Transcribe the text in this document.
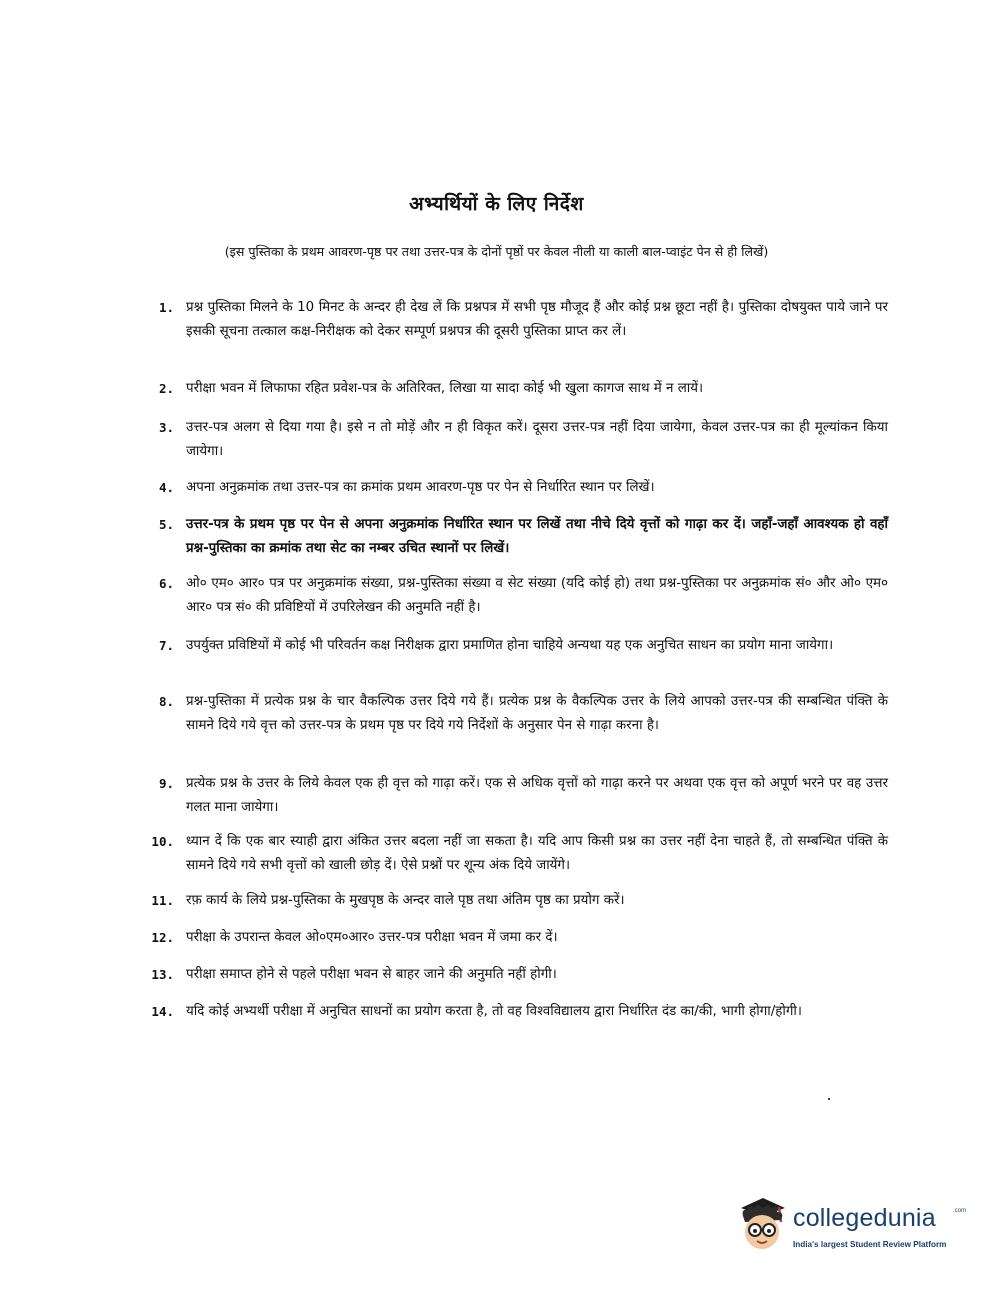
अभ्यर्थियों के लिए निर्देश
(इस पुस्तिका के प्रथम आवरण-पृष्ठ पर तथा उत्तर-पत्र के दोनों पृष्ठों पर केवल नीली या काली बाल-प्वाइंट पेन से ही लिखें)
1. प्रश्न पुस्तिका मिलने के 10 मिनट के अन्दर ही देख लें कि प्रश्नपत्र में सभी पृष्ठ मौजूद हैं और कोई प्रश्न छूटा नहीं है। पुस्तिका दोषयुक्त पाये जाने पर इसकी सूचना तत्काल कक्ष-निरीक्षक को देकर सम्पूर्ण प्रश्नपत्र की दूसरी पुस्तिका प्राप्त कर लें।
2. परीक्षा भवन में लिफाफा रहित प्रवेश-पत्र के अतिरिक्त, लिखा या सादा कोई भी खुला कागज साथ में न लायें।
3. उत्तर-पत्र अलग से दिया गया है। इसे न तो मोड़ें और न ही विकृत करें। दूसरा उत्तर-पत्र नहीं दिया जायेगा, केवल उत्तर-पत्र का ही मूल्यांकन किया जायेगा।
4. अपना अनुक्रमांक तथा उत्तर-पत्र का क्रमांक प्रथम आवरण-पृष्ठ पर पेन से निर्धारित स्थान पर लिखें।
5. उत्तर-पत्र के प्रथम पृष्ठ पर पेन से अपना अनुक्रमांक निर्धारित स्थान पर लिखें तथा नीचे दिये वृत्तों को गाढ़ा कर दें। जहाँ-जहाँ आवश्यक हो वहाँ प्रश्न-पुस्तिका का क्रमांक तथा सेट का नम्बर उचित स्थानों पर लिखें।
6. ओ० एम० आर० पत्र पर अनुक्रमांक संख्या, प्रश्न-पुस्तिका संख्या व सेट संख्या (यदि कोई हो) तथा प्रश्न-पुस्तिका पर अनुक्रमांक सं० और ओ० एम० आर० पत्र सं० की प्रविष्टियों में उपरिलेखन की अनुमति नहीं है।
7. उपर्युक्त प्रविष्टियों में कोई भी परिवर्तन कक्ष निरीक्षक द्वारा प्रमाणित होना चाहिये अन्यथा यह एक अनुचित साधन का प्रयोग माना जायेगा।
8. प्रश्न-पुस्तिका में प्रत्येक प्रश्न के चार वैकल्पिक उत्तर दिये गये हैं। प्रत्येक प्रश्न के वैकल्पिक उत्तर के लिये आपको उत्तर-पत्र की सम्बन्धित पंक्ति के सामने दिये गये वृत्त को उत्तर-पत्र के प्रथम पृष्ठ पर दिये गये निर्देशों के अनुसार पेन से गाढ़ा करना है।
9. प्रत्येक प्रश्न के उत्तर के लिये केवल एक ही वृत्त को गाढ़ा करें। एक से अधिक वृत्तों को गाढ़ा करने पर अथवा एक वृत्त को अपूर्ण भरने पर वह उत्तर गलत माना जायेगा।
10. ध्यान दें कि एक बार स्याही द्वारा अंकित उत्तर बदला नहीं जा सकता है। यदि आप किसी प्रश्न का उत्तर नहीं देना चाहते हैं, तो सम्बन्धित पंक्ति के सामने दिये गये सभी वृत्तों को खाली छोड़ दें। ऐसे प्रश्नों पर शून्य अंक दिये जायेंगे।
11. रफ़ कार्य के लिये प्रश्न-पुस्तिका के मुखपृष्ठ के अन्दर वाले पृष्ठ तथा अंतिम पृष्ठ का प्रयोग करें।
12. परीक्षा के उपरान्त केवल ओ०एम०आर० उत्तर-पत्र परीक्षा भवन में जमा कर दें।
13. परीक्षा समाप्त होने से पहले परीक्षा भवन से बाहर जाने की अनुमति नहीं होगी।
14. यदि कोई अभ्यर्थी परीक्षा में अनुचित साधनों का प्रयोग करता है, तो वह विश्वविद्यालय द्वारा निर्धारित दंड का/की, भागी होगा/होगी।
collegedunia	.com
India's largest Student Review Platform
